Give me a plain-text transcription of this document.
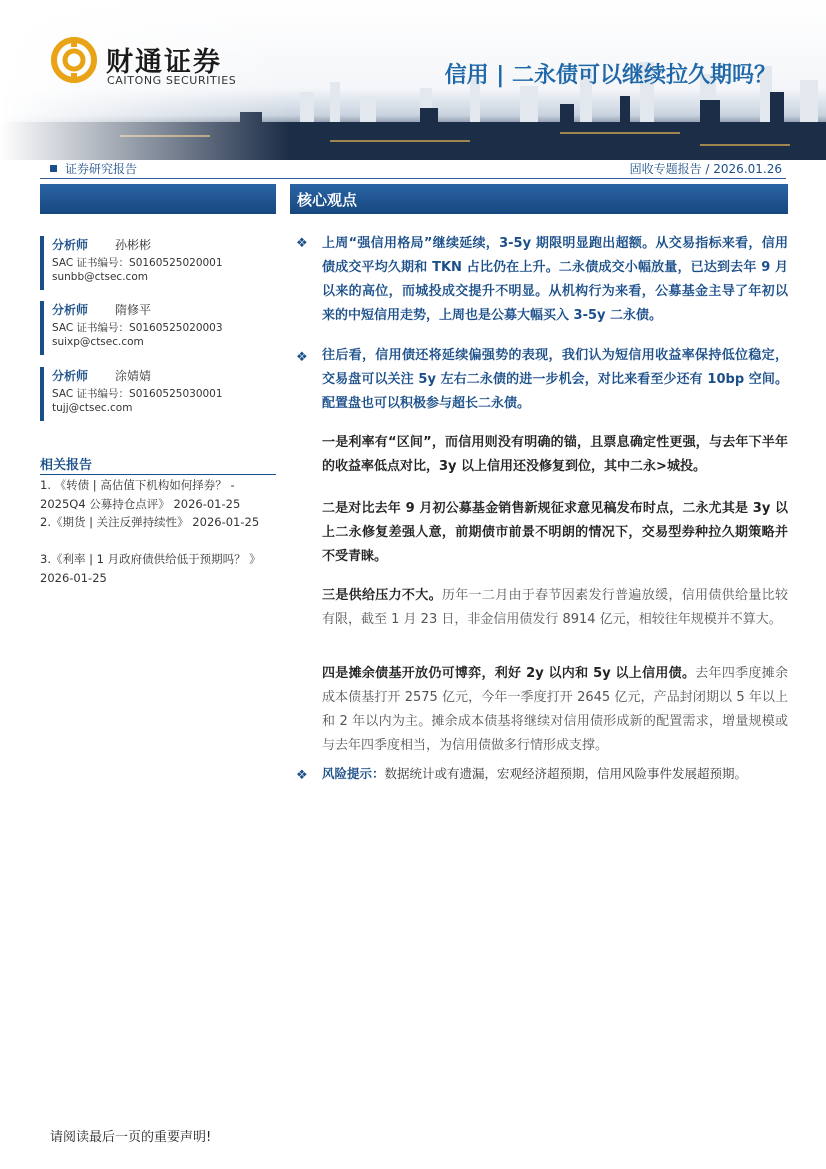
财通证券
CAITONG SECURITIES	信用 | 二永债可以继续拉久期吗？
证券研究报告	固收专题报告 / 2026.01.26
核心观点
分析师 孙彬彬
SAC 证书编号：S0160525020001
sunbb@ctsec.com
分析师 隋修平
SAC 证书编号：S0160525020003
suixp@ctsec.com
分析师 涂婧婧
SAC 证书编号：S0160525030001
tujj@ctsec.com
相关报告
1. 《转债 | 高估值下机构如何择券？ - 2025Q4 公募持仓点评》 2026-01-25
2.《期货 | 关注反弹持续性》 2026-01-25
3.《利率 | 1 月政府债供给低于预期吗？ 》2026-01-25
❖ 上周“强信用格局”继续延续，3-5y 期限明显跑出超额。从交易指标来看，信用债成交平均久期和 TKN 占比仍在上升。二永债成交小幅放量，已达到去年 9 月以来的高位，而城投成交提升不明显。从机构行为来看，公募基金主导了年初以来的中短信用走势，上周也是公募大幅买入 3-5y 二永债。
❖ 往后看，信用债还将延续偏强势的表现，我们认为短信用收益率保持低位稳定，交易盘可以关注 5y 左右二永债的进一步机会，对比来看至少还有 10bp 空间。配置盘也可以积极参与超长二永债。
一是利率有“区间”，而信用则没有明确的锚，且票息确定性更强，与去年下半年的收益率低点对比，3y 以上信用还没修复到位，其中二永>城投。
二是对比去年 9 月初公募基金销售新规征求意见稿发布时点，二永尤其是 3y 以上二永修复差强人意，前期债市前景不明朗的情况下，交易型券种拉久期策略并不受青睐。
三是供给压力不大。历年一二月由于春节因素发行普遍放缓，信用债供给量比较有限，截至 1 月 23 日，非金信用债发行 8914 亿元，相较往年规模并不算大。
四是摊余债基开放仍可博弈，利好 2y 以内和 5y 以上信用债。去年四季度摊余成本债基打开 2575 亿元，今年一季度打开 2645 亿元，产品封闭期以 5 年以上和 2 年以内为主。摊余成本债基将继续对信用债形成新的配置需求，增量规模或与去年四季度相当，为信用债做多行情形成支撑。
❖ 风险提示：数据统计或有遗漏，宏观经济超预期，信用风险事件发展超预期。
请阅读最后一页的重要声明!
